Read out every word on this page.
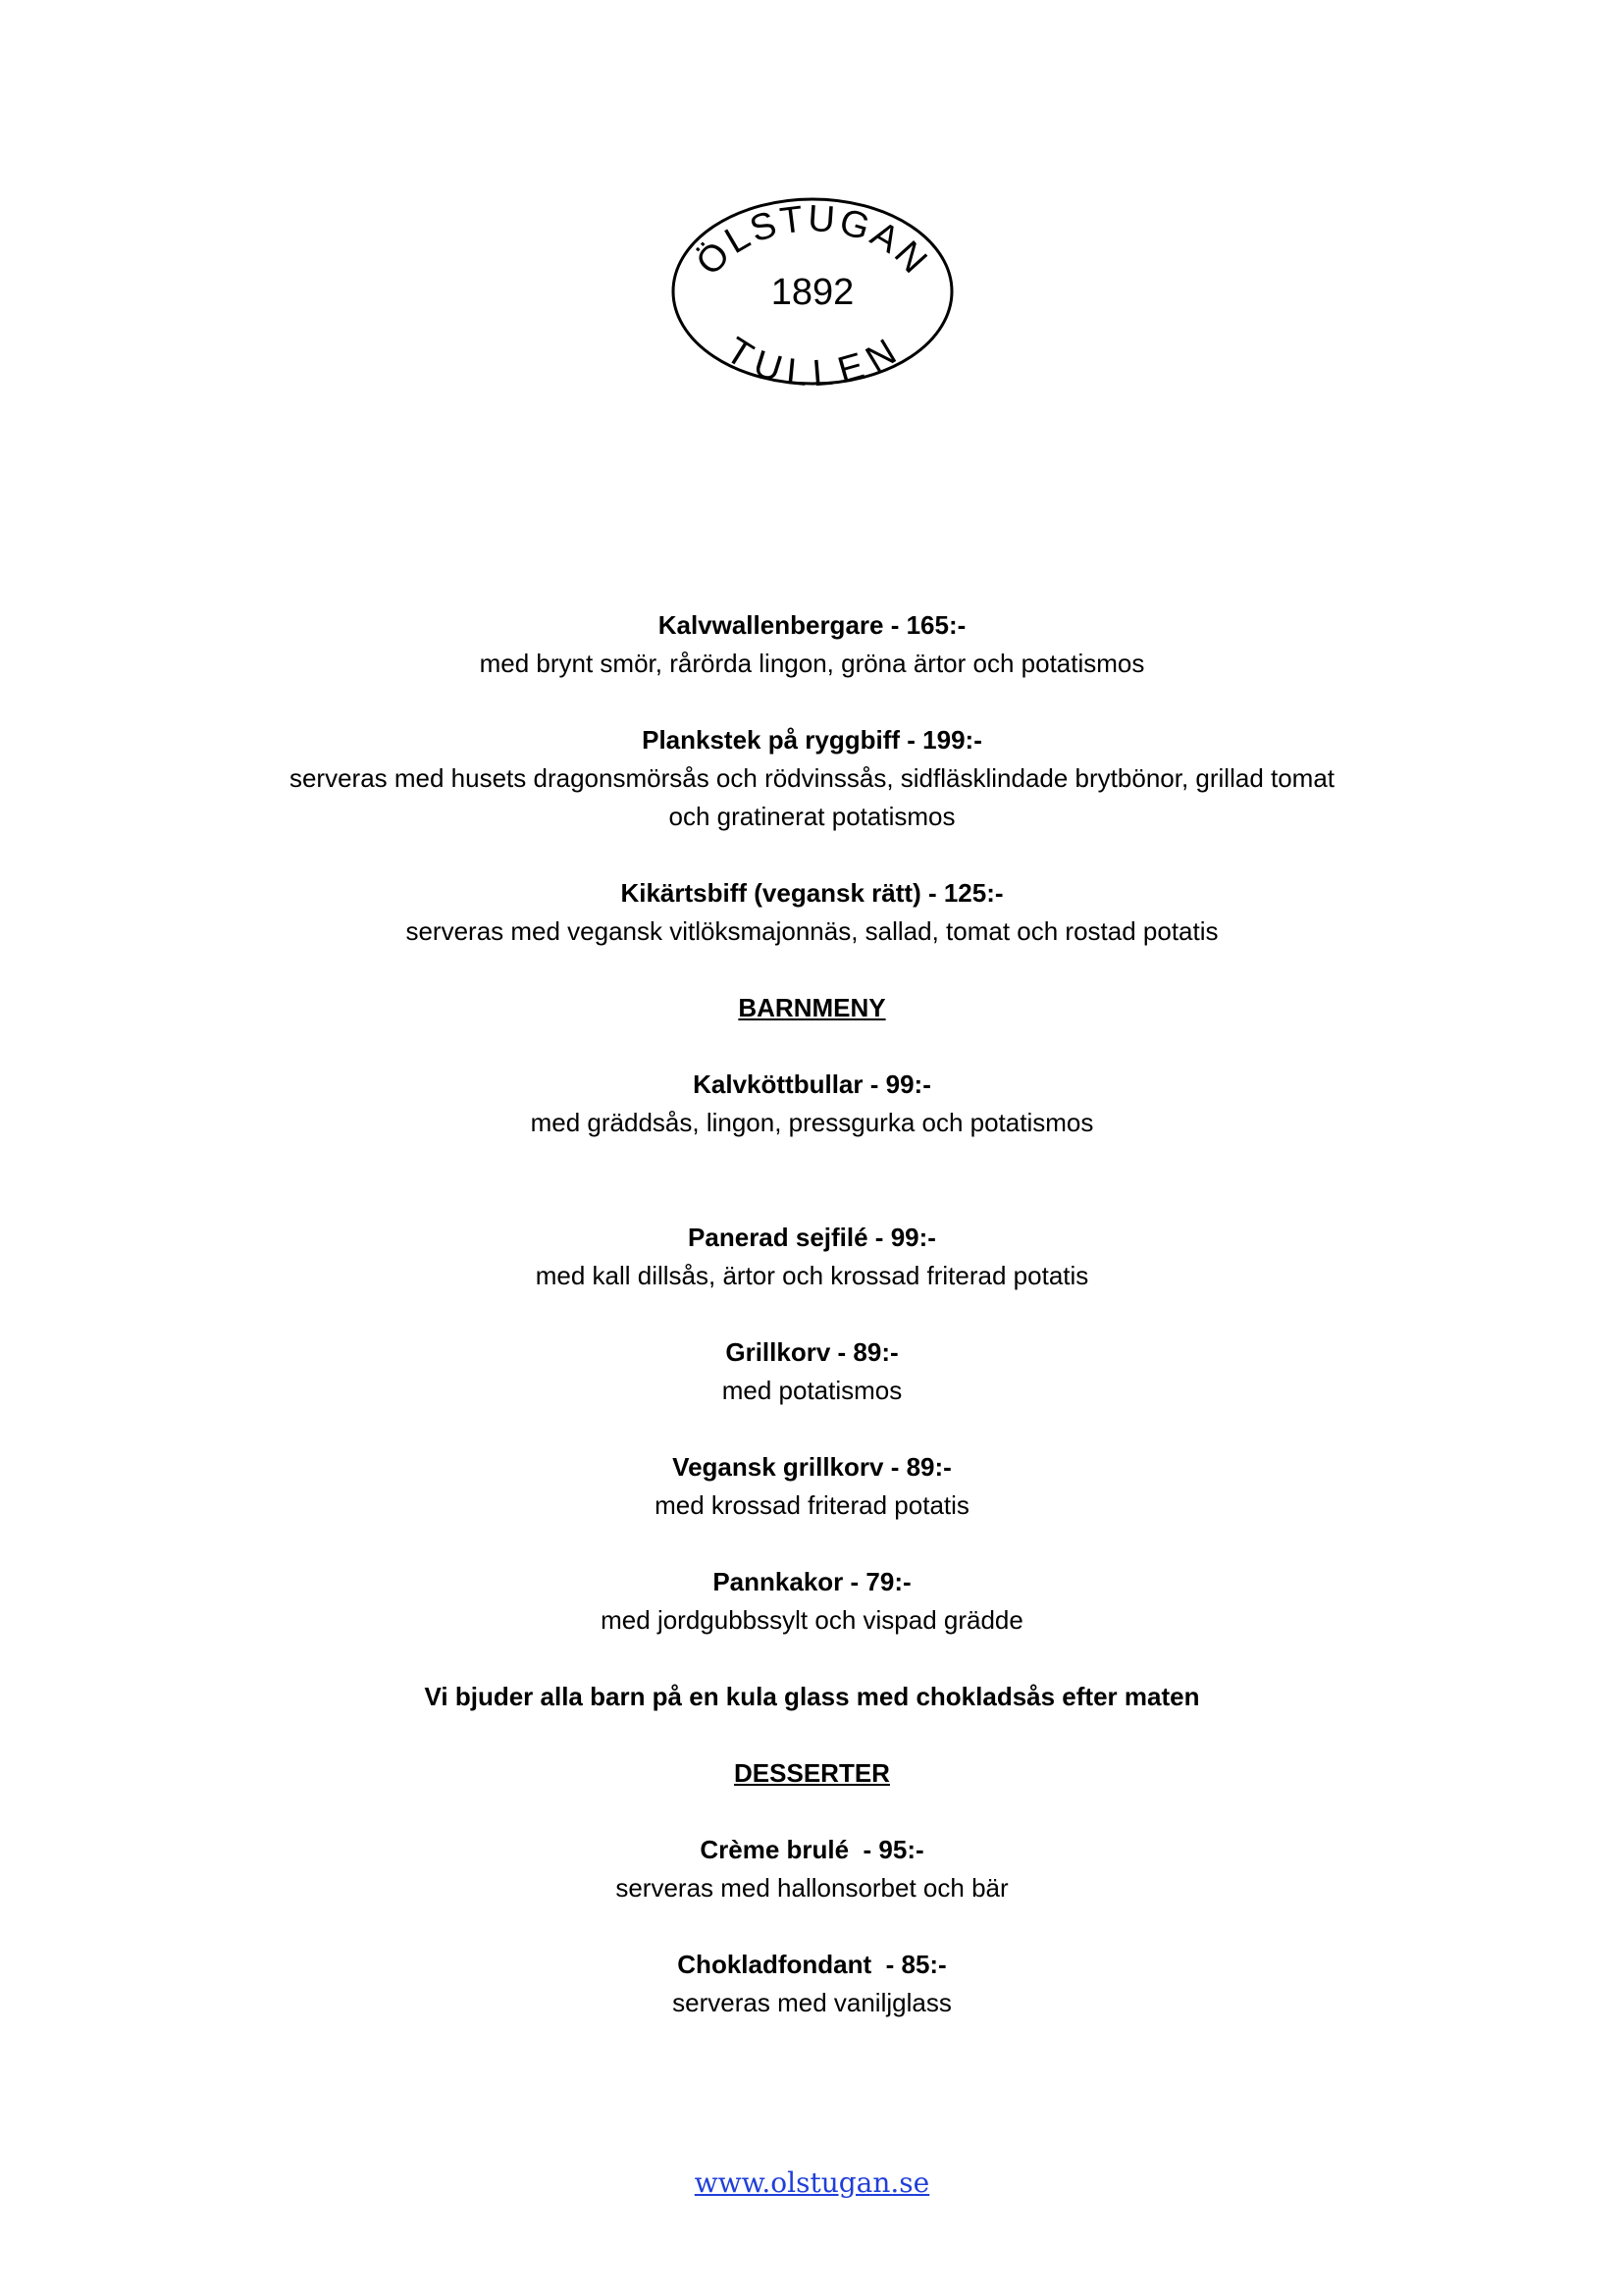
ÖLSTUGAN
1892
TULLEN
Kalvwallenbergare - 165:-
med brynt smör, rårörda lingon, gröna ärtor och potatismos
Plankstek på ryggbiff - 199:-
serveras med husets dragonsmörsås och rödvinssås, sidfläsklindade brytbönor, grillad tomat
och gratinerat potatismos
Kikärtsbiff (vegansk rätt) - 125:-
serveras med vegansk vitlöksmajonnäs, sallad, tomat och rostad potatis
BARNMENY
Kalvköttbullar - 99:-
med gräddsås, lingon, pressgurka och potatismos
Panerad sejfilé - 99:-
med kall dillsås, ärtor och krossad friterad potatis
Grillkorv - 89:-
med potatismos
Vegansk grillkorv - 89:-
med krossad friterad potatis
Pannkakor - 79:-
med jordgubbssylt och vispad grädde
Vi bjuder alla barn på en kula glass med chokladsås efter maten
DESSERTER
Crème brulé  - 95:-
serveras med hallonsorbet och bär
Chokladfondant  - 85:-
serveras med vaniljglass
www.olstugan.se
